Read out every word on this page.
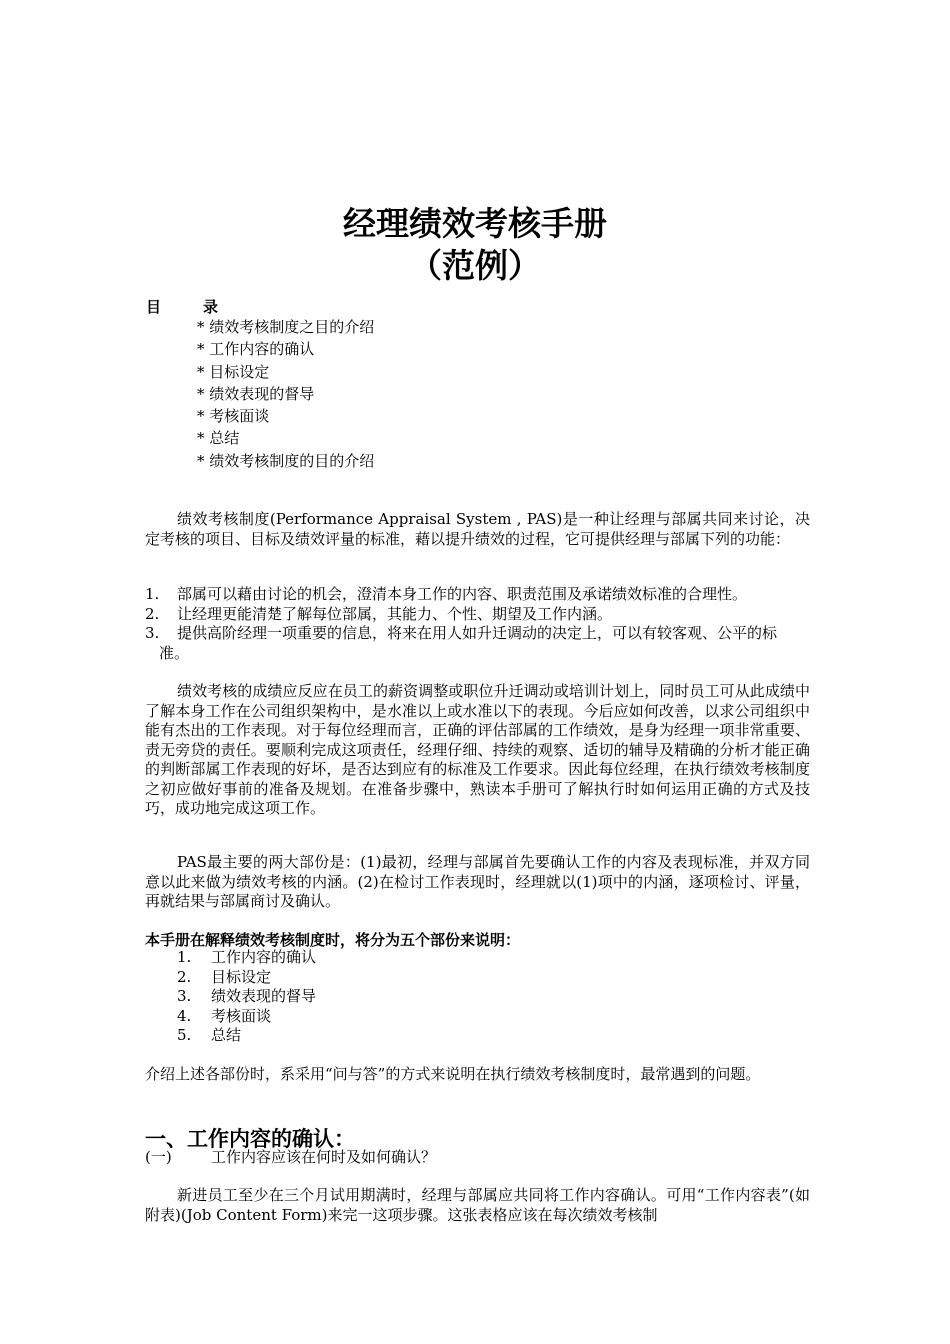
经理绩效考核手册
（范例）
目	录
* 绩效考核制度之目的介绍
* 工作内容的确认
* 目标设定
* 绩效表现的督导
* 考核面谈
* 总结
* 绩效考核制度的目的介绍
绩效考核制度(Performance Appraisal System , PAS)是一种让经理与部属共同来讨论，决定考核的项目、目标及绩效评量的标准，藉以提升绩效的过程，它可提供经理与部属下列的功能：
1. 部属可以藉由讨论的机会，澄清本身工作的内容、职责范围及承诺绩效标准的合理性。
2. 让经理更能清楚了解每位部属，其能力、个性、期望及工作内涵。
3. 提供高阶经理一项重要的信息，将来在用人如升迁调动的决定上，可以有较客观、公平的标准。
绩效考核的成绩应反应在员工的薪资调整或职位升迁调动或培训计划上，同时员工可从此成绩中了解本身工作在公司组织架构中，是水准以上或水准以下的表现。今后应如何改善，以求公司组织中能有杰出的工作表现。对于每位经理而言，正确的评估部属的工作绩效，是身为经理一项非常重要、责无旁贷的责任。要顺利完成这项责任，经理仔细、持续的观察、适切的辅导及精确的分析才能正确的判断部属工作表现的好坏，是否达到应有的标准及工作要求。因此每位经理，在执行绩效考核制度之初应做好事前的准备及规划。在准备步骤中，熟读本手册可了解执行时如何运用正确的方式及技巧，成功地完成这项工作。
PAS最主要的两大部份是：(1)最初，经理与部属首先要确认工作的内容及表现标准，并双方同意以此来做为绩效考核的内涵。(2)在检讨工作表现时，经理就以(1)项中的内涵，逐项检讨、评量，再就结果与部属商讨及确认。
本手册在解释绩效考核制度时，将分为五个部份来说明：
1. 工作内容的确认
2. 目标设定
3. 绩效表现的督导
4. 考核面谈
5. 总结
介绍上述各部份时，系采用“问与答”的方式来说明在执行绩效考核制度时，最常遇到的问题。
一、工作内容的确认：
(一)	工作内容应该在何时及如何确认？
新进员工至少在三个月试用期满时，经理与部属应共同将工作内容确认。可用“工作内容表”(如附表)(Job Content Form)来完一这项步骤。这张表格应该在每次绩效考核制
